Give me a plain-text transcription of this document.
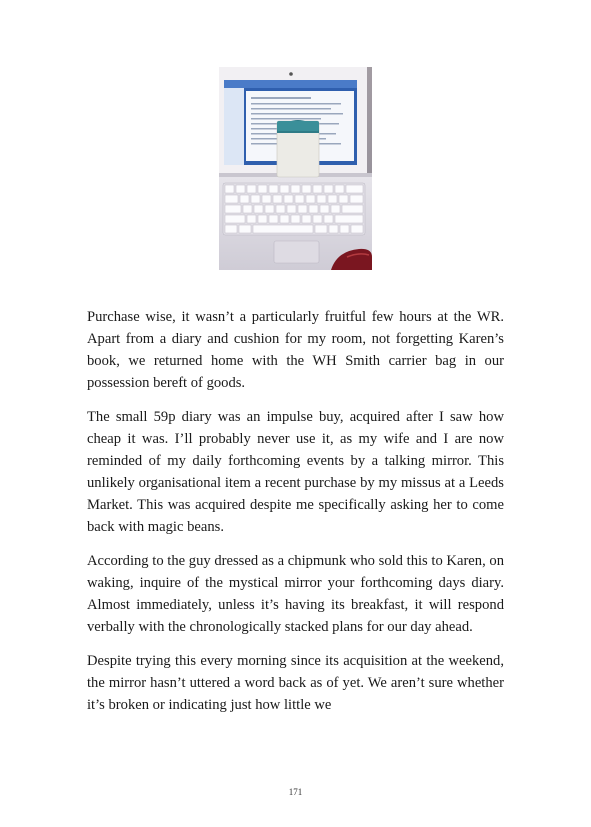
Purchase wise, it wasn’t a particularly fruitful few hours at the WR. Apart from a diary and cushion for my room, not forgetting Karen’s book, we returned home with the WH Smith carrier bag in our possession bereft of goods.

The small 59p diary was an impulse buy, acquired after I saw how cheap it was. I’ll probably never use it, as my wife and I are now reminded of my daily forthcoming events by a talking mirror. This unlikely organisational item a recent purchase by my missus at a Leeds Market. This was acquired despite me specifically asking her to come back with magic beans.

According to the guy dressed as a chipmunk who sold this to Karen, on waking, inquire of the mystical mirror your forthcoming days diary. Almost immediately, unless it’s having its breakfast, it will respond verbally with the chronologically stacked plans for our day ahead.

Despite trying this every morning since its acquisition at the weekend, the mirror hasn’t uttered a word back as of yet. We aren’t sure whether it’s broken or indicating just how little we

171
